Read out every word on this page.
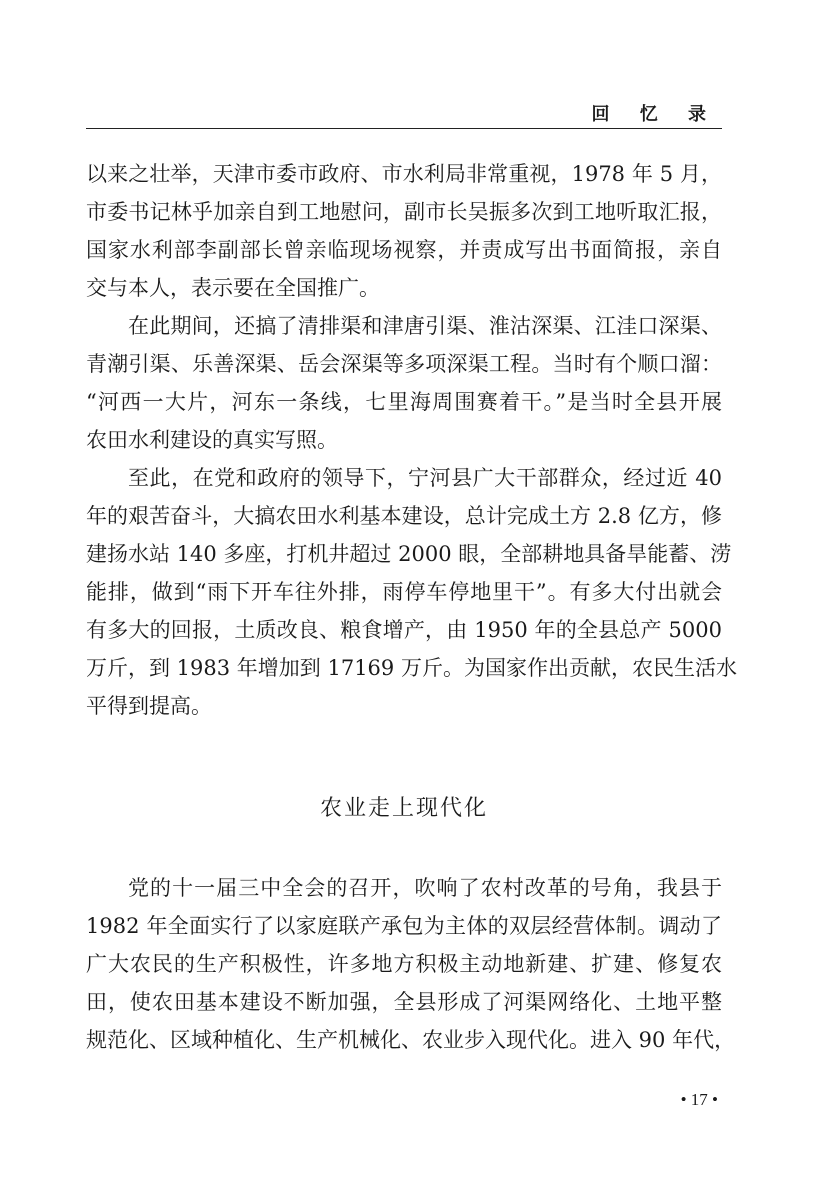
回 忆 录
以来之壮举，天津市委市政府、市水利局非常重视，1978 年 5 月，
市委书记林乎加亲自到工地慰问，副市长吴振多次到工地听取汇报，
国家水利部李副部长曾亲临现场视察，并责成写出书面简报，亲自
交与本人，表示要在全国推广。
在此期间，还搞了清排渠和津唐引渠、淮沽深渠、江洼口深渠、
青潮引渠、乐善深渠、岳会深渠等多项深渠工程。当时有个顺口溜：
“河西一大片，河东一条线，七里海周围赛着干。”是当时全县开展
农田水利建设的真实写照。
至此，在党和政府的领导下，宁河县广大干部群众，经过近 40
年的艰苦奋斗，大搞农田水利基本建设，总计完成土方 2.8 亿方，修
建扬水站 140 多座，打机井超过 2000 眼，全部耕地具备旱能蓄、涝
能排，做到“雨下开车往外排，雨停车停地里干”。有多大付出就会
有多大的回报，土质改良、粮食增产，由 1950 年的全县总产 5000
万斤，到 1983 年增加到 17169 万斤。为国家作出贡献，农民生活水
平得到提高。
农业走上现代化
党的十一届三中全会的召开，吹响了农村改革的号角，我县于
1982 年全面实行了以家庭联产承包为主体的双层经营体制。调动了
广大农民的生产积极性，许多地方积极主动地新建、扩建、修复农
田，使农田基本建设不断加强，全县形成了河渠网络化、土地平整
规范化、区域种植化、生产机械化、农业步入现代化。进入 90 年代，
• 17 •
